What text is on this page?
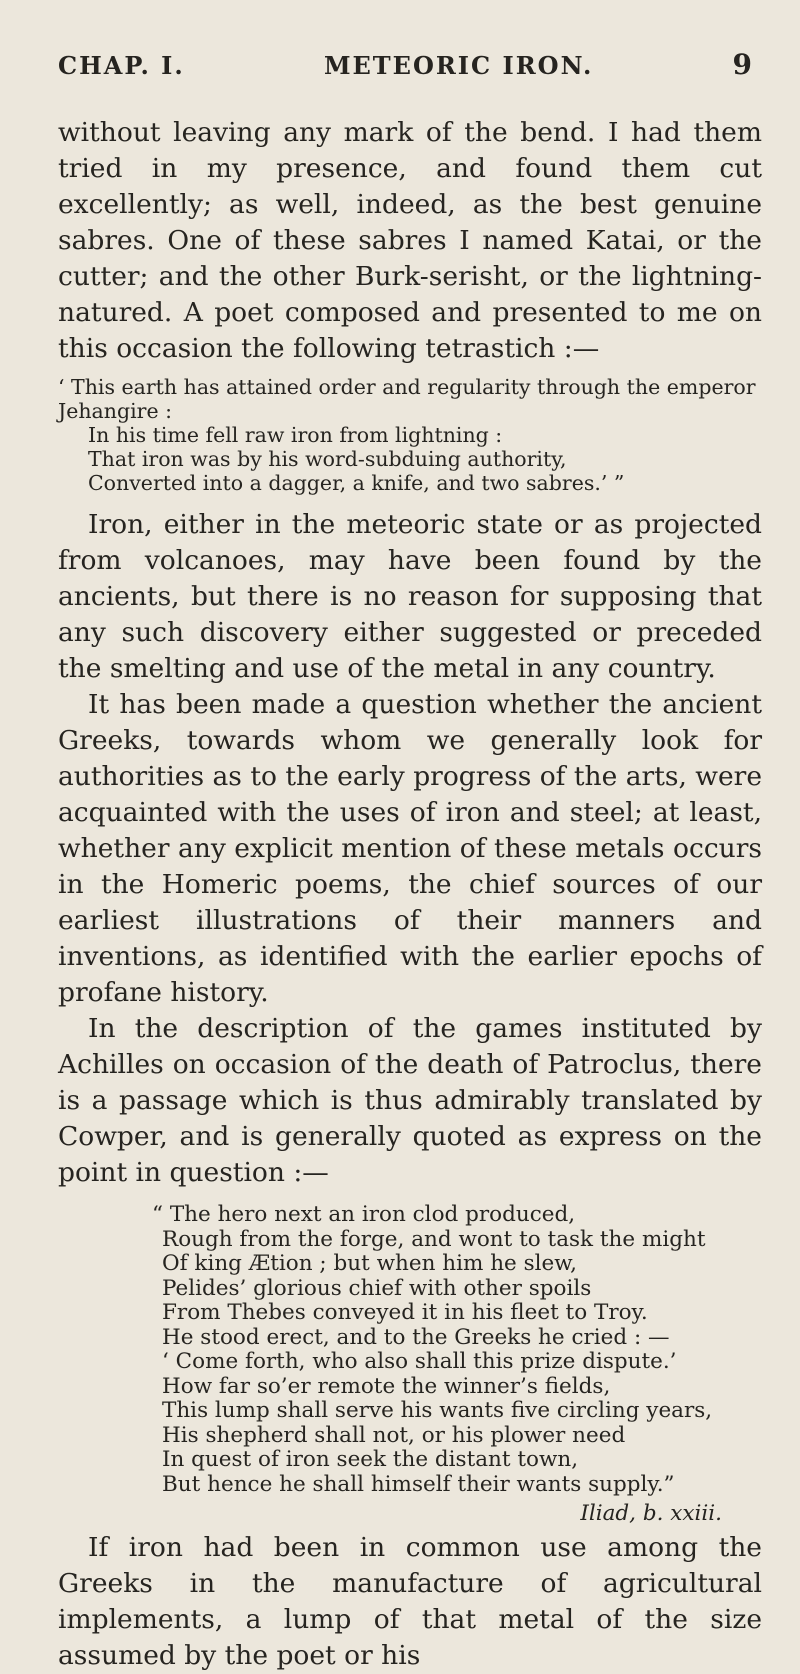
CHAP. I.	METEORIC IRON.	9

without leaving any mark of the bend. I had them tried in my presence, and found them cut excellently; as well, indeed, as the best genuine sabres. One of these sabres I named Katai, or the cutter; and the other Burk-serisht, or the lightning-natured. A poet composed and presented to me on this occasion the following tetrastich :—

‘ This earth has attained order and regularity through the emperor Jehangire :
In his time fell raw iron from lightning :
That iron was by his word-subduing authority,
Converted into a dagger, a knife, and two sabres.’ ”

Iron, either in the meteoric state or as projected from volcanoes, may have been found by the ancients, but there is no reason for supposing that any such discovery either suggested or preceded the smelting and use of the metal in any country.

It has been made a question whether the ancient Greeks, towards whom we generally look for authorities as to the early progress of the arts, were acquainted with the uses of iron and steel; at least, whether any explicit mention of these metals occurs in the Homeric poems, the chief sources of our earliest illustrations of their manners and inventions, as identified with the earlier epochs of profane history.

In the description of the games instituted by Achilles on occasion of the death of Patroclus, there is a passage which is thus admirably translated by Cowper, and is generally quoted as express on the point in question :—

“ The hero next an iron clod produced,
Rough from the forge, and wont to task the might
Of king Ætion ; but when him he slew,
Pelides’ glorious chief with other spoils
From Thebes conveyed it in his fleet to Troy.
He stood erect, and to the Greeks he cried : —
‘ Come forth, who also shall this prize dispute.’
How far so’er remote the winner’s fields,
This lump shall serve his wants five circling years,
His shepherd shall not, or his plower need
In quest of iron seek the distant town,
But hence he shall himself their wants supply.”
Iliad, b. xxiii.

If iron had been in common use among the Greeks in the manufacture of agricultural implements, a lump of that metal of the size assumed by the poet or his
